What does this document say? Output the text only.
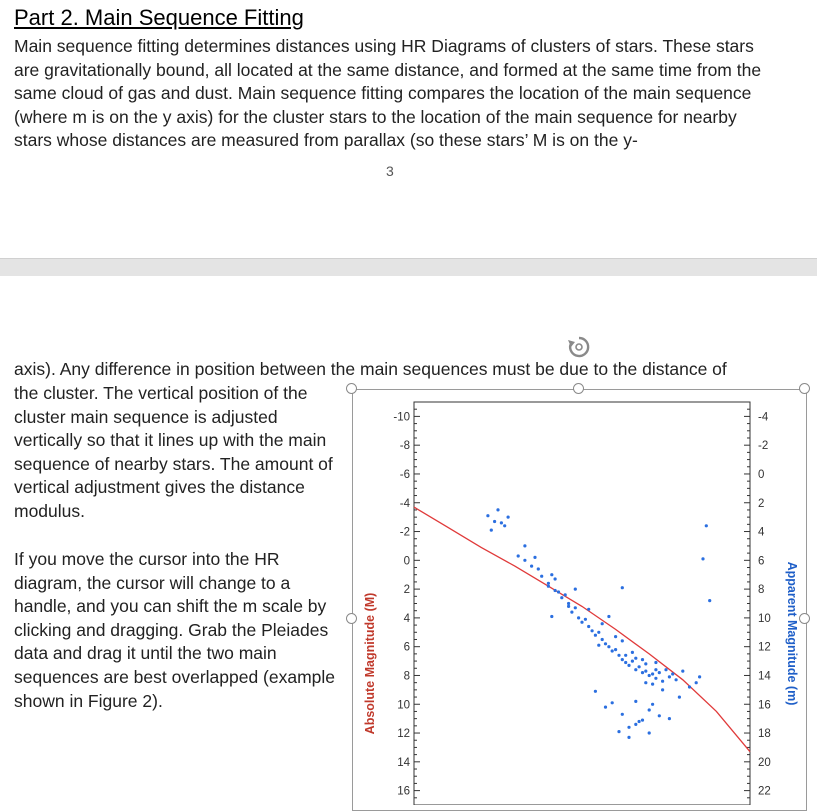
Part 2. Main Sequence Fitting

Main sequence fitting determines distances using HR Diagrams of clusters of stars. These stars are gravitationally bound, all located at the same distance, and formed at the same time from the same cloud of gas and dust. Main sequence fitting compares the location of the main sequence (where m is on the y axis) for the cluster stars to the location of the main sequence for nearby stars whose distances are measured from parallax (so these stars’ M is on the y-

3

axis). Any difference in position between the main sequences must be due to the distance of

the cluster. The vertical position of the cluster main sequence is adjusted vertically so that it lines up with the main sequence of nearby stars. The amount of vertical adjustment gives the distance modulus.

If you move the cursor into the HR diagram, the cursor will change to a handle, and you can shift the m scale by clicking and dragging. Grab the Pleiades data and drag it until the two main sequences are best overlapped (example shown in Figure 2).

-10
-8
-6
-4
-2
0
2
4
6
8
10
12
14
16
-4
-2
0
2
4
6
8
10
12
14
16
18
20
22
Absolute Magnitude (M)	Apparent Magnitude (m)
